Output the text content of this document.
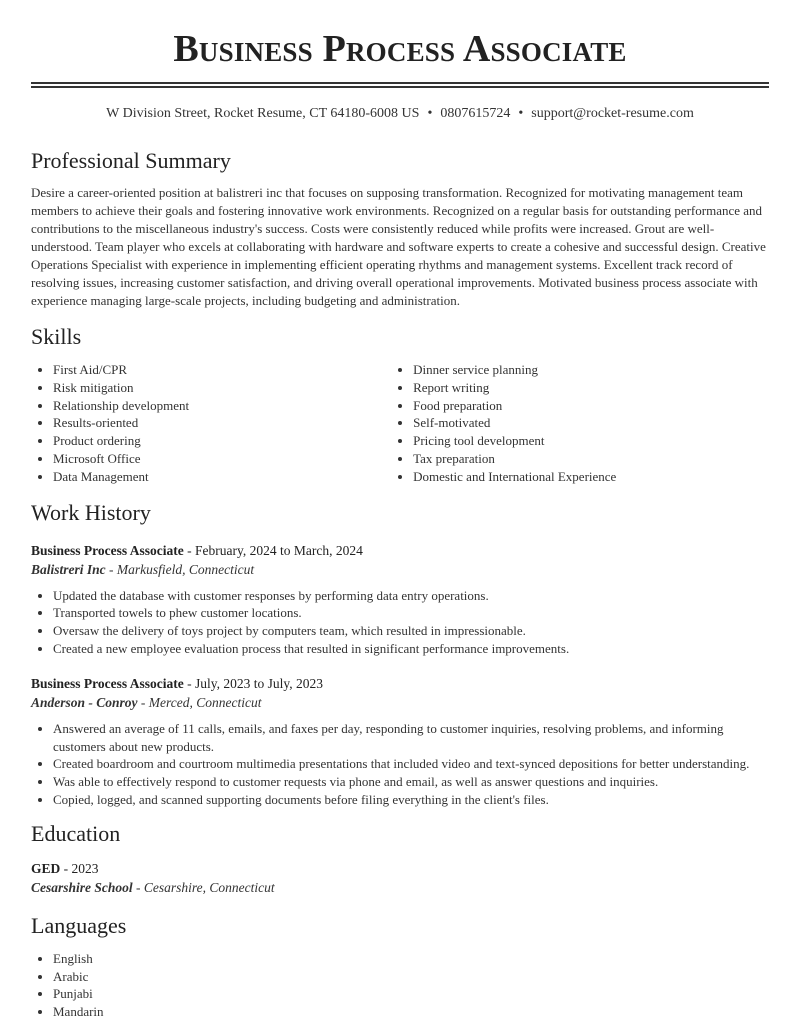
Business Process Associate
W Division Street, Rocket Resume, CT 64180-6008 US • 0807615724 • support@rocket-resume.com
Professional Summary
Desire a career-oriented position at balistreri inc that focuses on supposing transformation. Recognized for motivating management team members to achieve their goals and fostering innovative work environments. Recognized on a regular basis for outstanding performance and contributions to the miscellaneous industry's success. Costs were consistently reduced while profits were increased. Grout are well-understood. Team player who excels at collaborating with hardware and software experts to create a cohesive and successful design. Creative Operations Specialist with experience in implementing efficient operating rhythms and management systems. Excellent track record of resolving issues, increasing customer satisfaction, and driving overall operational improvements. Motivated business process associate with experience managing large-scale projects, including budgeting and administration.
Skills
• First Aid/CPR
• Risk mitigation
• Relationship development
• Results-oriented
• Product ordering
• Microsoft Office
• Data Management
• Dinner service planning
• Report writing
• Food preparation
• Self-motivated
• Pricing tool development
• Tax preparation
• Domestic and International Experience
Work History
Business Process Associate - February, 2024 to March, 2024
Balistreri Inc - Markusfield, Connecticut
• Updated the database with customer responses by performing data entry operations.
• Transported towels to phew customer locations.
• Oversaw the delivery of toys project by computers team, which resulted in impressionable.
• Created a new employee evaluation process that resulted in significant performance improvements.
Business Process Associate - July, 2023 to July, 2023
Anderson - Conroy - Merced, Connecticut
• Answered an average of 11 calls, emails, and faxes per day, responding to customer inquiries, resolving problems, and informing customers about new products.
• Created boardroom and courtroom multimedia presentations that included video and text-synced depositions for better understanding.
• Was able to effectively respond to customer requests via phone and email, as well as answer questions and inquiries.
• Copied, logged, and scanned supporting documents before filing everything in the client's files.
Education
GED - 2023
Cesarshire School - Cesarshire, Connecticut
Languages
• English
• Arabic
• Punjabi
• Mandarin
